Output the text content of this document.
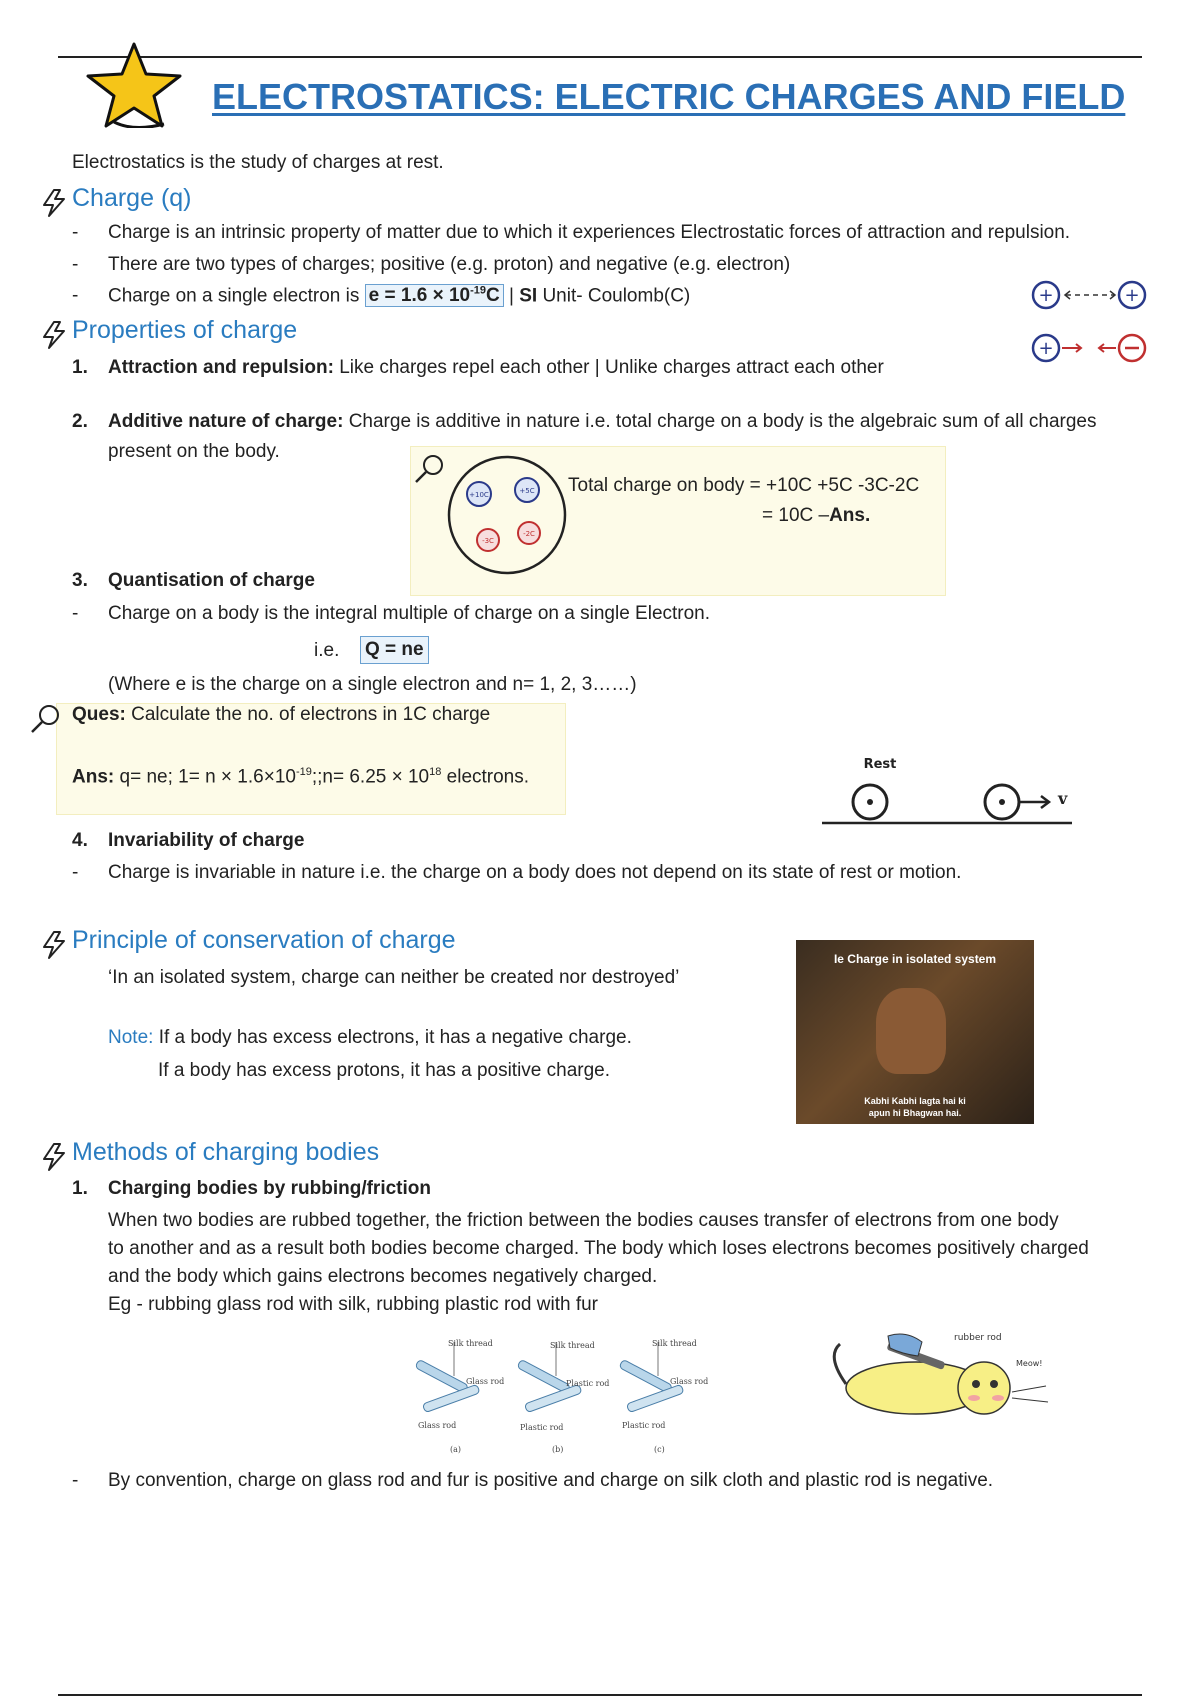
ELECTROSTATICS: ELECTRIC CHARGES AND FIELD
Electrostatics is the study of charges at rest.
Charge (q)
- Charge is an intrinsic property of matter due to which it experiences Electrostatic forces of attraction and repulsion.
- There are two types of charges; positive (e.g. proton) and negative (e.g. electron)
- Charge on a single electron is $e = 1.6 \times 10^{-19}C$ | SI Unit- Coulomb(C)	+	+
+
Properties of charge
1. Attraction and repulsion: Like charges repel each other | Unlike charges attract each other
2. Additive nature of charge: Charge is additive in nature i.e. total charge on a body is the algebraic sum of all charges
present on the body.
+10C	+5C
-3C
-2C
Total charge on body = +10C +5C -3C-2C
= 10C –Ans.
3. Quantisation of charge
- Charge on a body is the integral multiple of charge on a single Electron.
i.e. Q = ne
(Where e is the charge on a single electron and n= 1, 2, 3……)
Ques: Calculate the no. of electrons in 1C charge
Ans: q= ne; $1= n \times 1.6\times 10^{-19};;n= 6.25 \times 10^{18}$ electrons.
Rest
v
4. Invariability of charge
- Charge is invariable in nature i.e. the charge on a body does not depend on its state of rest or motion.
Principle of conservation of charge
‘In an isolated system, charge can neither be created nor destroyed’
Note: If a body has excess electrons, it has a negative charge.
If a body has excess protons, it has a positive charge.
Ie Charge in isolated system
Kabhi Kabhi lagta hai ki
apun hi Bhagwan hai.
Methods of charging bodies
1. Charging bodies by rubbing/friction
When two bodies are rubbed together, the friction between the bodies causes transfer of electrons from one body
to another and as a result both bodies become charged. The body which loses electrons becomes positively charged
and the body which gains electrons becomes negatively charged.
Eg - rubbing glass rod with silk, rubbing plastic rod with fur
Silk thread
Glass rod
Glass rod
(a)
Silk thread
Plastic rod
Plastic rod
(b)
Silk thread
Glass rod
Plastic rod
(c)
rubber rod
Meow!
- By convention, charge on glass rod and fur is positive and charge on silk cloth and plastic rod is negative.
